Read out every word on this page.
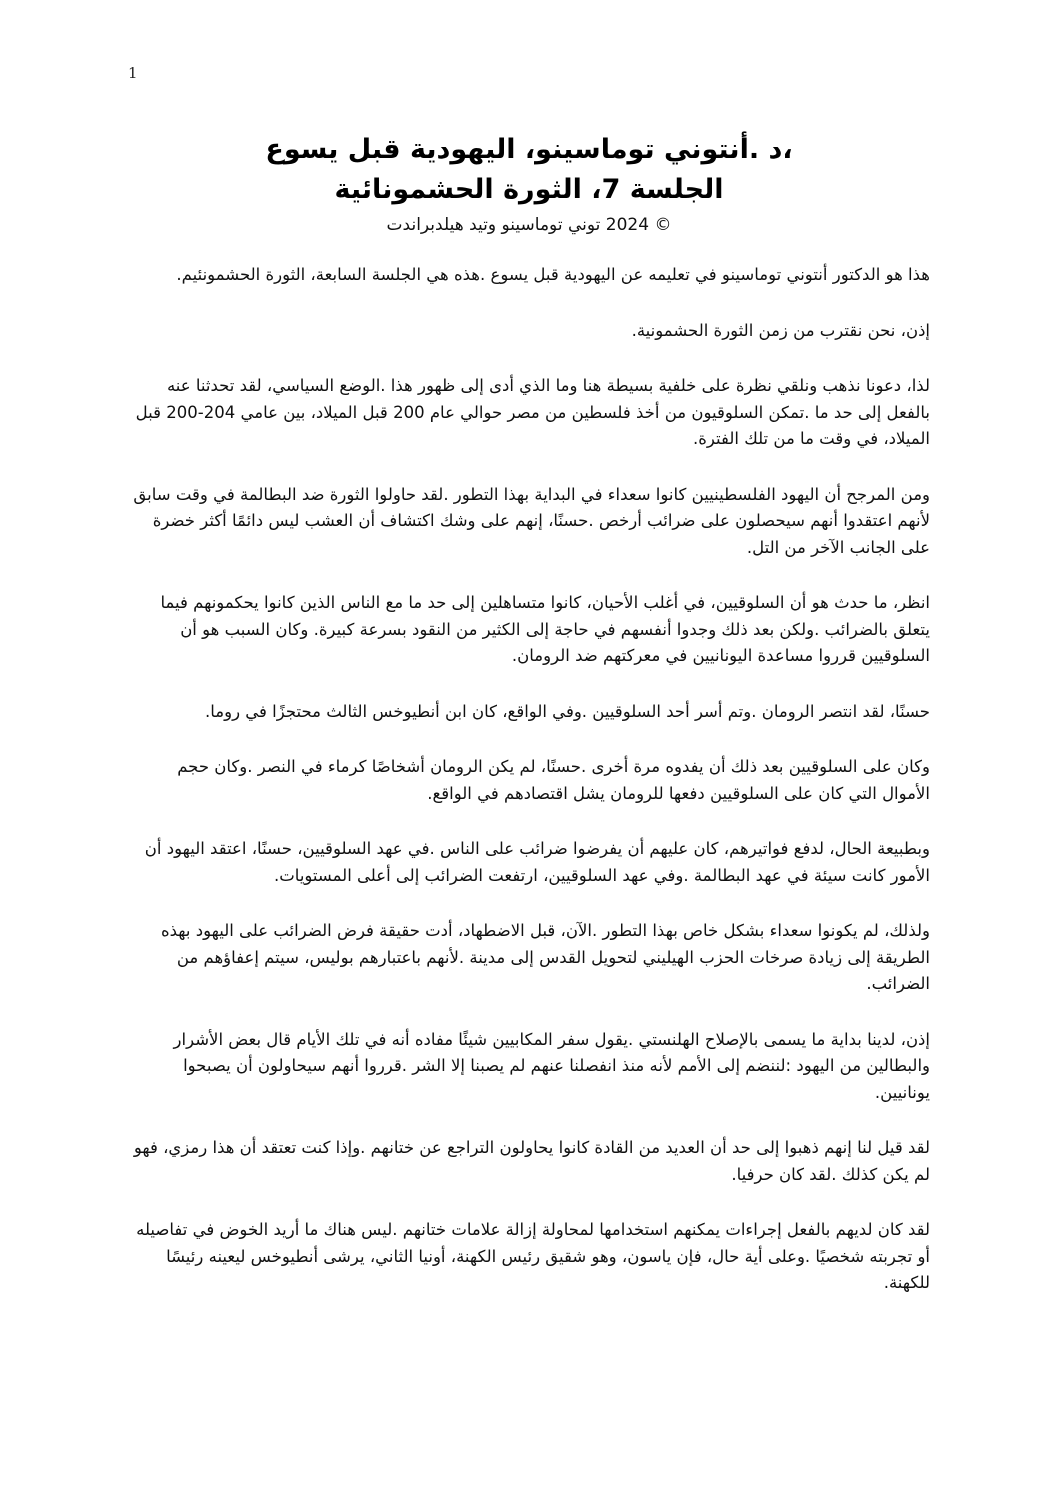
1
،د .أنتوني توماسينو، اليهودية قبل يسوع
الجلسة 7، الثورة الحشمونائية
© 2024 توني توماسينو وتيد هيلدبراندت

هذا هو الدكتور أنتوني توماسينو في تعليمه عن اليهودية قبل يسوع .هذه هي الجلسة السابعة، الثورة الحشمونئيم.

إذن، نحن نقترب من زمن الثورة الحشمونية.

لذا، دعونا نذهب ونلقي نظرة على خلفية بسيطة هنا وما الذي أدى إلى ظهور هذا .الوضع السياسي، لقد تحدثنا عنه بالفعل إلى حد ما .تمكن السلوقيون من أخذ فلسطين من مصر حوالي عام 200 قبل الميلاد، بين عامي 204-200 قبل الميلاد، في وقت ما من تلك الفترة.

ومن المرجح أن اليهود الفلسطينيين كانوا سعداء في البداية بهذا التطور .لقد حاولوا الثورة ضد البطالمة في وقت سابق لأنهم اعتقدوا أنهم سيحصلون على ضرائب أرخص .حسنًا، إنهم على وشك اكتشاف أن العشب ليس دائمًا أكثر خضرة على الجانب الآخر من التل.

انظر، ما حدث هو أن السلوقيين، في أغلب الأحيان، كانوا متساهلين إلى حد ما مع الناس الذين كانوا يحكمونهم فيما يتعلق بالضرائب .ولكن بعد ذلك وجدوا أنفسهم في حاجة إلى الكثير من النقود بسرعة كبيرة. وكان السبب هو أن السلوقيين قرروا مساعدة اليونانيين في معركتهم ضد الرومان.

حسنًا، لقد انتصر الرومان .وتم أسر أحد السلوقيين .وفي الواقع، كان ابن أنطيوخس الثالث محتجزًا في روما.

وكان على السلوقيين بعد ذلك أن يفدوه مرة أخرى .حسنًا، لم يكن الرومان أشخاصًا كرماء في النصر .وكان حجم الأموال التي كان على السلوقيين دفعها للرومان يشل اقتصادهم في الواقع.

وبطبيعة الحال، لدفع فواتيرهم، كان عليهم أن يفرضوا ضرائب على الناس .في عهد السلوقيين، حسنًا، اعتقد اليهود أن الأمور كانت سيئة في عهد البطالمة .وفي عهد السلوقيين، ارتفعت الضرائب إلى أعلى المستويات.

ولذلك، لم يكونوا سعداء بشكل خاص بهذا التطور .الآن، قبل الاضطهاد، أدت حقيقة فرض الضرائب على اليهود بهذه الطريقة إلى زيادة صرخات الحزب الهيليني لتحويل القدس إلى مدينة .لأنهم باعتبارهم بوليس، سيتم إعفاؤهم من الضرائب.

إذن، لدينا بداية ما يسمى بالإصلاح الهلنستي .يقول سفر المكابيين شيئًا مفاده أنه في تلك الأيام قال بعض الأشرار والبطالين من اليهود :لننضم إلى الأمم لأنه منذ انفصلنا عنهم لم يصبنا إلا الشر .قرروا أنهم سيحاولون أن يصبحوا يونانيين.

لقد قيل لنا إنهم ذهبوا إلى حد أن العديد من القادة كانوا يحاولون التراجع عن ختانهم .وإذا كنت تعتقد أن هذا رمزي، فهو لم يكن كذلك .لقد كان حرفيا.

لقد كان لديهم بالفعل إجراءات يمكنهم استخدامها لمحاولة إزالة علامات ختانهم .ليس هناك ما أريد الخوض في تفاصيله أو تجربته شخصيًا .وعلى أية حال، فإن ياسون، وهو شقيق رئيس الكهنة، أونيا الثاني، يرشى أنطيوخس ليعينه رئيسًا للكهنة.
